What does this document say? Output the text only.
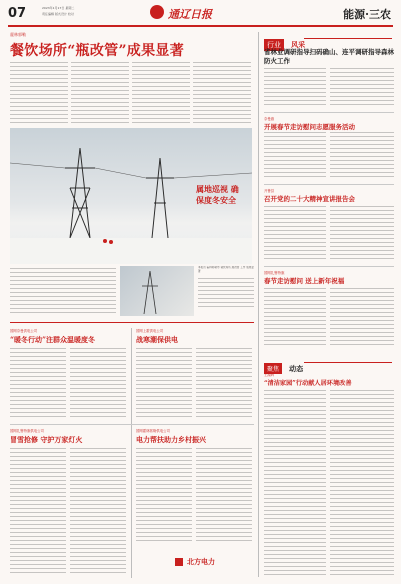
07	2023年1月17日 星期二
责任编辑 版式设计 校对	通辽日报	能源·三农
霍林郭勒
餐饮场所“瓶改管”成果显著
属地巡视 确保度冬安全
本报讯 霍林郭勒市 餐饮场所 瓶改管 工作 成果显著
行业 风采
省林业调研指导扫码确山、连平调研指导森林防火工作
奈曼旗
开展春节走访慰问志愿服务活动
开鲁县
召开党的二十大精神宣讲报告会
国网扎鲁特旗
春节走访慰问 送上新年祝福
聚焦 动态
王湖辉
“清洁家园”行动献人居环境改善
国网奈曼供电公司
“暖冬行动”注群众温暖度冬
国网上霍供电公司
战寒潮保供电
国网扎鲁特旗供电公司
冒雪抢修 守护万家灯火
国网霍林郭勒供电公司
电力帮扶助力乡村振兴
北方电力
